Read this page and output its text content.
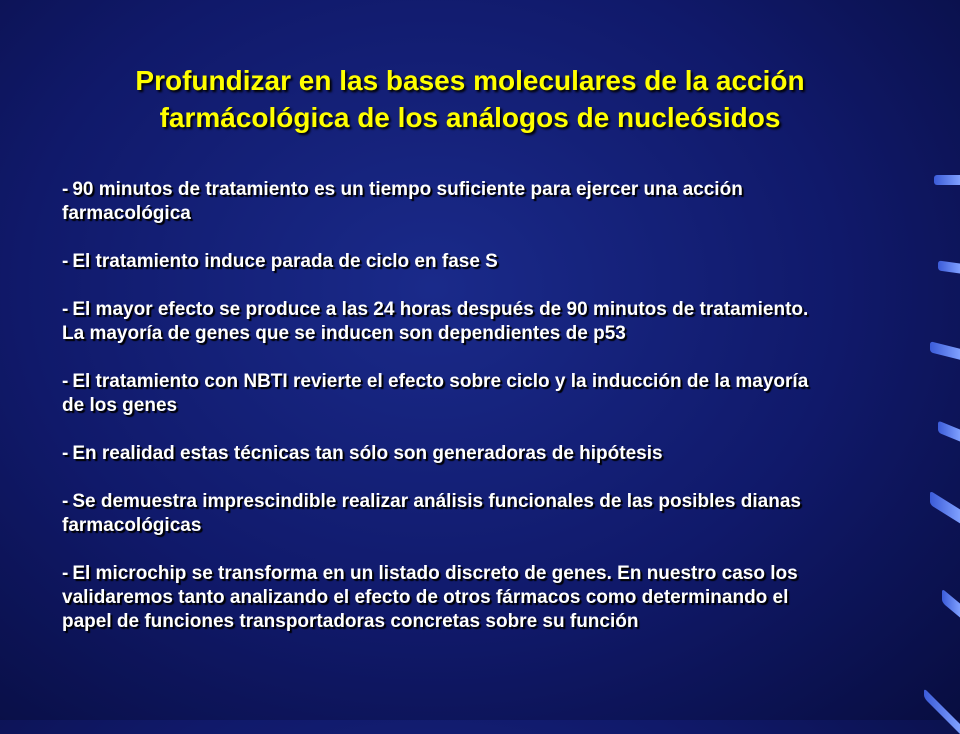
Profundizar en las bases moleculares de la acción
farmácológica de los análogos de nucleósidos
- 90 minutos de tratamiento es un tiempo suficiente para ejercer una acción
farmacológica
- El tratamiento induce parada de ciclo en fase S
- El mayor efecto se produce a las 24 horas después de 90 minutos de tratamiento.
La mayoría de genes que se inducen son dependientes de p53
- El tratamiento con NBTI revierte el efecto sobre ciclo y la inducción de la mayoría
de los genes
- En realidad estas técnicas tan sólo son generadoras de hipótesis
- Se demuestra imprescindible realizar análisis funcionales de las posibles dianas
farmacológicas
- El microchip se transforma en un listado discreto de genes. En nuestro caso los
validaremos tanto analizando el efecto de otros fármacos como determinando el
papel de funciones transportadoras concretas sobre su función
